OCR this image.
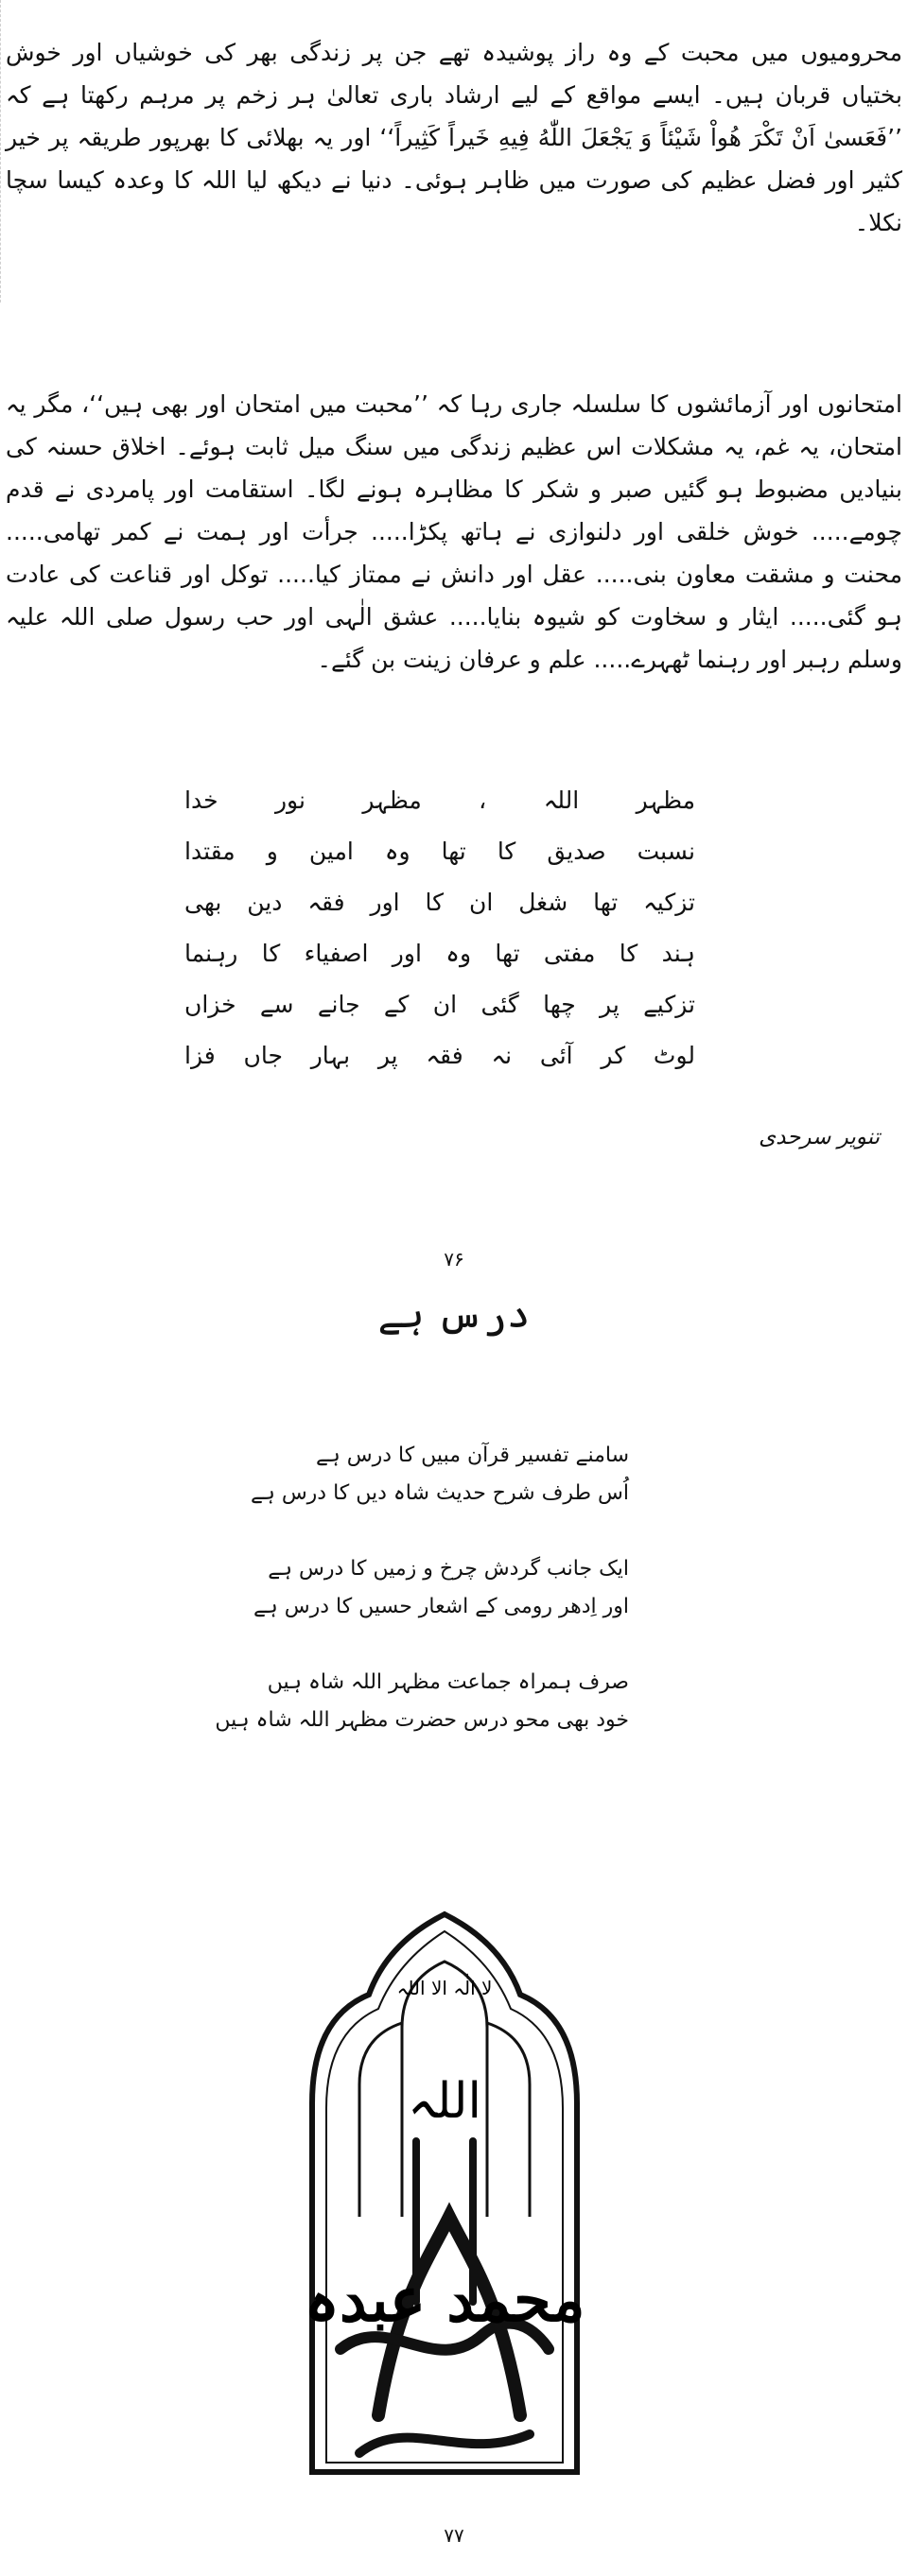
محرومیوں میں محبت کے وہ راز پوشیدہ تھے جن پر زندگی بھر کی خوشیاں اور خوش بختیاں قربان ہیں۔ ایسے مواقع کے لیے ارشاد باری تعالیٰ ہر زخم پر مرہم رکھتا ہے کہ ’’فَعَسىٰ اَنْ تَكْرَ هُواْ شَيْئاً وَ يَجْعَلَ اللّٰهُ فِيهِ خَيراً كَثِيراً‘‘ اور یہ بھلائی کا بھرپور طریقہ پر خیر کثیر اور فضل عظیم کی صورت میں ظاہر ہوئی۔ دنیا نے دیکھ لیا اللہ کا وعدہ کیسا سچا نکلا۔

امتحانوں اور آزمائشوں کا سلسلہ جاری رہا کہ ’’محبت میں امتحان اور بھی ہیں‘‘، مگر یہ امتحان، یہ غم، یہ مشکلات اس عظیم زندگی میں سنگ میل ثابت ہوئے۔ اخلاق حسنہ کی بنیادیں مضبوط ہو گئیں صبر و شکر کا مظاہرہ ہونے لگا۔ استقامت اور پامردی نے قدم چومے..... خوش خلقی اور دلنوازی نے ہاتھ پکڑا..... جرأت اور ہمت نے کمر تھامی..... محنت و مشقت معاون بنی..... عقل اور دانش نے ممتاز کیا..... توکل اور قناعت کی عادت ہو گئی..... ایثار و سخاوت کو شیوہ بنایا..... عشق الٰہی اور حب رسول صلی اللہ علیہ وسلم رہبر اور رہنما ٹھہرے..... علم و عرفان زینت بن گئے۔

مظہر اللہ ، مظہر نور خدا
نسبت صدیق کا تھا وہ امین و مقتدا
تزکیہ تھا شغل ان کا اور فقہ دین بھی
ہند کا مفتی تھا وہ اور اصفیاء کا رہنما
تزکیے پر چھا گئی ان کے جانے سے خزاں
لوٹ کر آئی نہ فقہ پر بہار جاں فزا
تنویر سرحدی
۷۶
درس ہے
سامنے تفسیر قرآن مبیں کا درس ہے
اُس طرف شرح حدیث شاہ دیں کا درس ہے
ایک جانب گردش چرخ و زمیں کا درس ہے
اور اِدھر رومی کے اشعار حسیں کا درس ہے
صرف ہمراہ جماعت مظہر اللہ شاہ ہیں
خود بھی محو درس حضرت مظہر اللہ شاہ ہیں
لا الٰہ الا اللہ
اللہ
محمد عبدہ
۷۷
